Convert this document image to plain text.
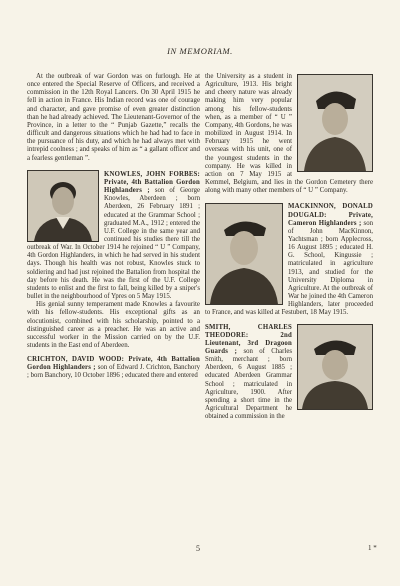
IN MEMORIAM.

At the outbreak of war Gordon was on furlough. He at once entered the Special Reserve of Officers, and received a commission in the 12th Royal Lancers. On 30 April 1915 he fell in action in France. His Indian record was one of courage and character, and gave promise of even greater distinction than he had already achieved. The Lieutenant-Governor of the Province, in a letter to the “ Punjab Gazette,” recalls the difficult and dangerous situations which he had had to face in the pursuance of his duty, and which he had always met with intrepid coolness ; and speaks of him as “ a gallant officer and a fearless gentleman ”.

KNOWLES, JOHN FORBES: Private, 4th Battalion Gordon Highlanders ; son of George Knowles, Aberdeen ; born Aberdeen, 26 February 1891 ; educated at the Grammar School ; graduated M.A., 1912 ; entered the U.F. College in the same year and continued his studies there till the outbreak of War. In October 1914 he rejoined “ U ” Company, 4th Gordon Highlanders, in which he had served in his student days. Though his health was not robust, Knowles stuck to soldiering and had just rejoined the Battalion from hospital the day before his death. He was the first of the U.F. College students to enlist and the first to fall, being killed by a sniper's bullet in the neighbourhood of Ypres on 5 May 1915.

His genial sunny temperament made Knowles a favourite with his fellow-students. His exceptional gifts as an elocutionist, combined with his scholarship, pointed to a distinguished career as a preacher. He was an active and successful worker in the Mission carried on by the U.F. students in the East end of Aberdeen.

CRICHTON, DAVID WOOD: Private, 4th Battalion Gordon Highlanders ; son of Edward J. Crichton, Banchory ; born Banchory, 10 October 1896 ; educated there and entered

the University as a student in Agriculture, 1913. His bright and cheery nature was already making him very popular among his fellow-students when, as a member of “ U ” Company, 4th Gordons, he was mobilized in August 1914. In February 1915 he went overseas with his unit, one of the youngest students in the company. He was killed in action on 7 May 1915 at Kemmel, Belgium, and lies in the Gordon Cemetery there along with many other members of “ U ” Company.

MACKINNON, DONALD DOUGALD: Private, Cameron Highlanders ; son of John MacKinnon, Yachtsman ; born Applecross, 16 August 1895 ; educated H. G. School, Kingussie ; matriculated in agriculture 1913, and studied for the University Diploma in Agriculture. At the outbreak of War he joined the 4th Cameron Highlanders, later proceeded to France, and was killed at Festubert, 18 May 1915.

SMITH, CHARLES THEODORE: 2nd Lieutenant, 3rd Dragoon Guards ; son of Charles Smith, merchant ; born Aberdeen, 6 August 1885 ; educated Aberdeen Grammar School ; matriculated in Agriculture, 1900. After spending a short time in the Agricultural Department he obtained a commission in the

5	1 *
